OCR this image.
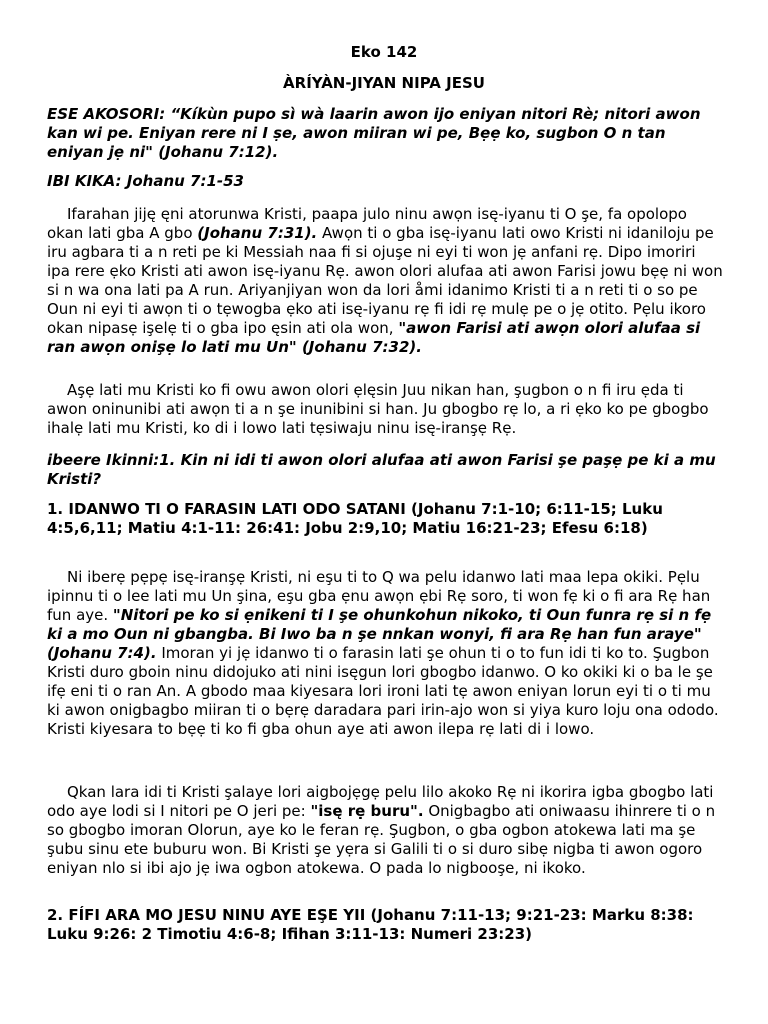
Eko 142

ÀRÍYÀN-JIYAN NIPA JESU

ESE AKOSORI: “Kíkùn pupo sì wà laarin awon ijo eniyan nitori Rè; nitori awon kan wi pe. Eniyan rere ni I ṣe, awon miiran wi pe, Bẹẹ ko, sugbon O n tan eniyan jẹ ni" (Johanu 7:12).

IBI KIKA: Johanu 7:1-53

Ifarahan jiję ęni atorunwa Kristi, paapa julo ninu awọn isę-iyanu ti O şe, fa opolopo okan lati gba A gbo (Johanu 7:31). Awọn ti o gba isę-iyanu lati owo Kristi ni idaniloju pe iru agbara ti a n reti pe ki Messiah naa fi si ojuşe ni eyi ti won jẹ anfani rẹ. Dipo imoriri ipa rere ẹko Kristi ati awon isę-iyanu Rẹ. awon olori alufaa ati awon Farisi jowu bẹẹ ni won si n wa ona lati pa A run. Ariyanjiyan won da lori åmi idanimo Kristi ti a n reti ti o so pe Oun ni eyi ti awọn ti o tẹwogba ẹko ati isę-iyanu rẹ fi idi rẹ mulẹ pe o jẹ otito. Pẹlu ikoro okan nipasẹ işelẹ ti o gba ipo ęsin ati ola won, "awon Farisi ati awọn olori alufaa si ran awọn onişẹ lo lati mu Un" (Johanu 7:32).

Aşẹ lati mu Kristi ko fi owu awon olori ẹlęsin Juu nikan han, şugbon o n fi iru ẹda ti awon oninunibi ati awọn ti a n şe inunibini si han. Ju gbogbo rẹ lo, a ri ẹko ko pe gbogbo ihalẹ lati mu Kristi, ko di i lowo lati tẹsiwaju ninu isę-iranşẹ Rẹ.

ibeere Ikinni:1. Kin ni idi ti awon olori alufaa ati awon Farisi şe paşẹ pe ki a mu Kristi?

1. IDANWO TI O FARASIN LATI ODO SATANI (Johanu 7:1-10; 6:11-15; Luku 4:5,6,11; Matiu 4:1-11: 26:41: Jobu 2:9,10; Matiu 16:21-23; Efesu 6:18)

Ni iberẹ pẹpẹ isę-iranşẹ Kristi, ni eşu ti to Q wa pelu idanwo lati maa lepa okiki. Pẹlu ipinnu ti o lee lati mu Un şina, eşu gba ẹnu awọn ẹbi Rẹ soro, ti won fẹ ki o fi ara Rẹ han fun aye. "Nitori pe ko si ẹnikeni ti I şe ohunkohun nikoko, ti Oun funra rẹ si n fẹ ki a mo Oun ni gbangba. Bi Iwo ba n şe nnkan wonyi, fi ara Rẹ han fun araye" (Johanu 7:4). Imoran yi jẹ idanwo ti o farasin lati şe ohun ti o to fun idi ti ko to. Şugbon Kristi duro gboin ninu didojuko ati nini isęgun lori gbogbo idanwo. O ko okiki ki o ba le şe ifẹ eni ti o ran An. A gbodo maa kiyesara lori ironi lati tẹ awon eniyan lorun eyi ti o ti mu ki awon onigbagbo miiran ti o bẹrẹ daradara pari irin-ajo won si yiya kuro loju ona ododo. Kristi kiyesara to bẹẹ ti ko fi gba ohun aye ati awon ilepa rẹ lati di i lowo.

Qkan lara idi ti Kristi şalaye lori aigbojẹgẹ pelu lilo akoko Rẹ ni ikorira igba gbogbo lati odo aye lodi si I nitori pe O jeri pe: "isę rẹ buru". Onigbagbo ati oniwaasu ihinrere ti o n so gbogbo imoran Olorun, aye ko le feran rẹ. Şugbon, o gba ogbon atokewa lati ma şe şubu sinu ete buburu won. Bi Kristi şe yẹra si Galili ti o si duro sibẹ nigba ti awon ogoro eniyan nlo si ibi ajo jẹ iwa ogbon atokewa. O pada lo nigbooşe, ni ikoko.

2. FÍFI ARA MO JESU NINU AYE EŞE YII (Johanu 7:11-13; 9:21-23: Marku 8:38: Luku 9:26: 2 Timotiu 4:6-8; Ifihan 3:11-13: Numeri 23:23)
